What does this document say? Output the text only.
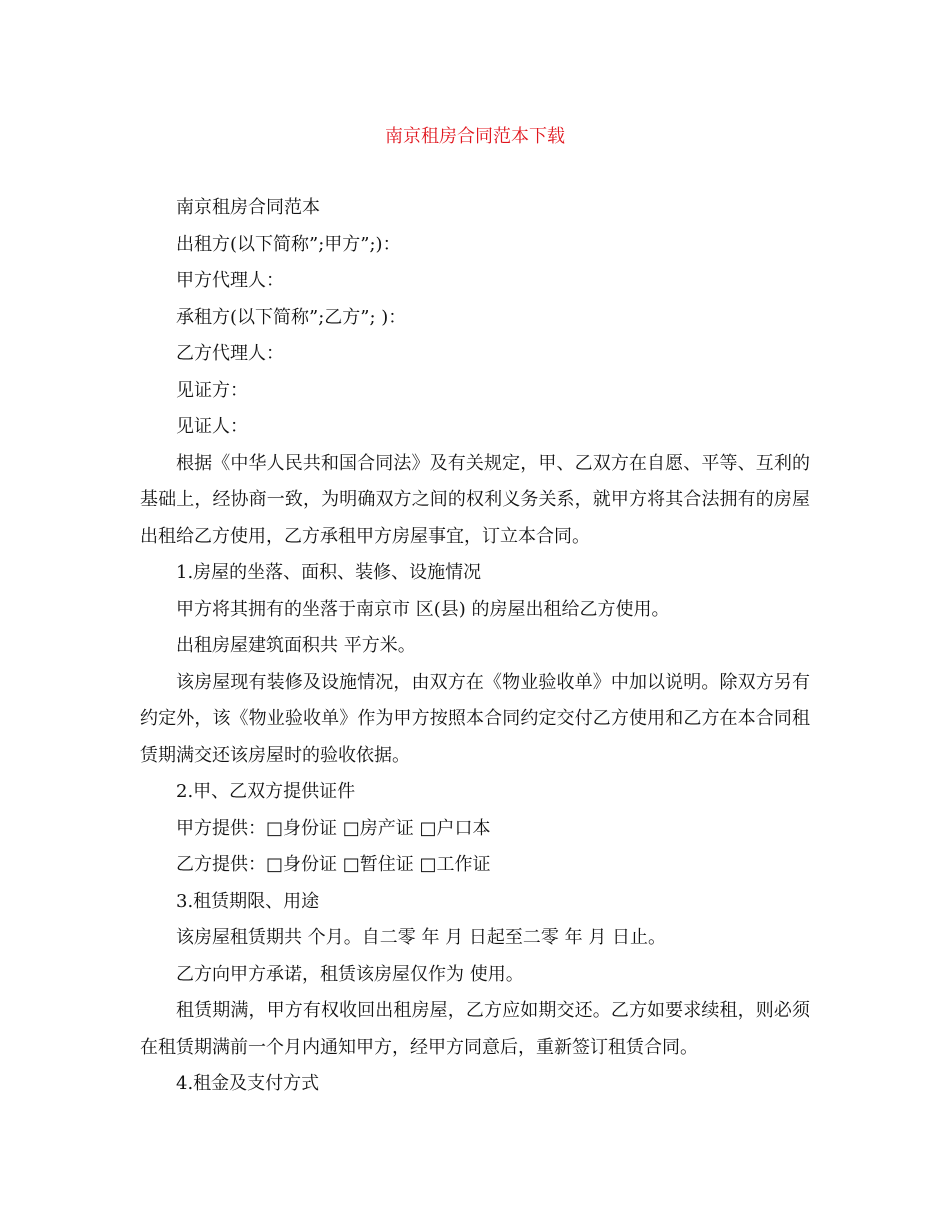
南京租房合同范本下载

南京租房合同范本

出租方(以下简称”;甲方”;)：

甲方代理人：

承租方(以下简称”;乙方”; )：

乙方代理人：

见证方：

见证人：

根据《中华人民共和国合同法》及有关规定，甲、乙双方在自愿、平等、互利的基础上，经协商一致，为明确双方之间的权利义务关系，就甲方将其合法拥有的房屋出租给乙方使用，乙方承租甲方房屋事宜，订立本合同。

1.房屋的坐落、面积、装修、设施情况

甲方将其拥有的坐落于南京市 区(县) 的房屋出租给乙方使用。

出租房屋建筑面积共 平方米。

该房屋现有装修及设施情况，由双方在《物业验收单》中加以说明。除双方另有约定外，该《物业验收单》作为甲方按照本合同约定交付乙方使用和乙方在本合同租赁期满交还该房屋时的验收依据。

2.甲、乙双方提供证件

甲方提供：□身份证 □房产证 □户口本

乙方提供：□身份证 □暂住证 □工作证

3.租赁期限、用途

该房屋租赁期共 个月。自二零 年 月 日起至二零 年 月 日止。

乙方向甲方承诺，租赁该房屋仅作为 使用。

租赁期满，甲方有权收回出租房屋，乙方应如期交还。乙方如要求续租，则必须在租赁期满前一个月内通知甲方，经甲方同意后，重新签订租赁合同。

4.租金及支付方式
